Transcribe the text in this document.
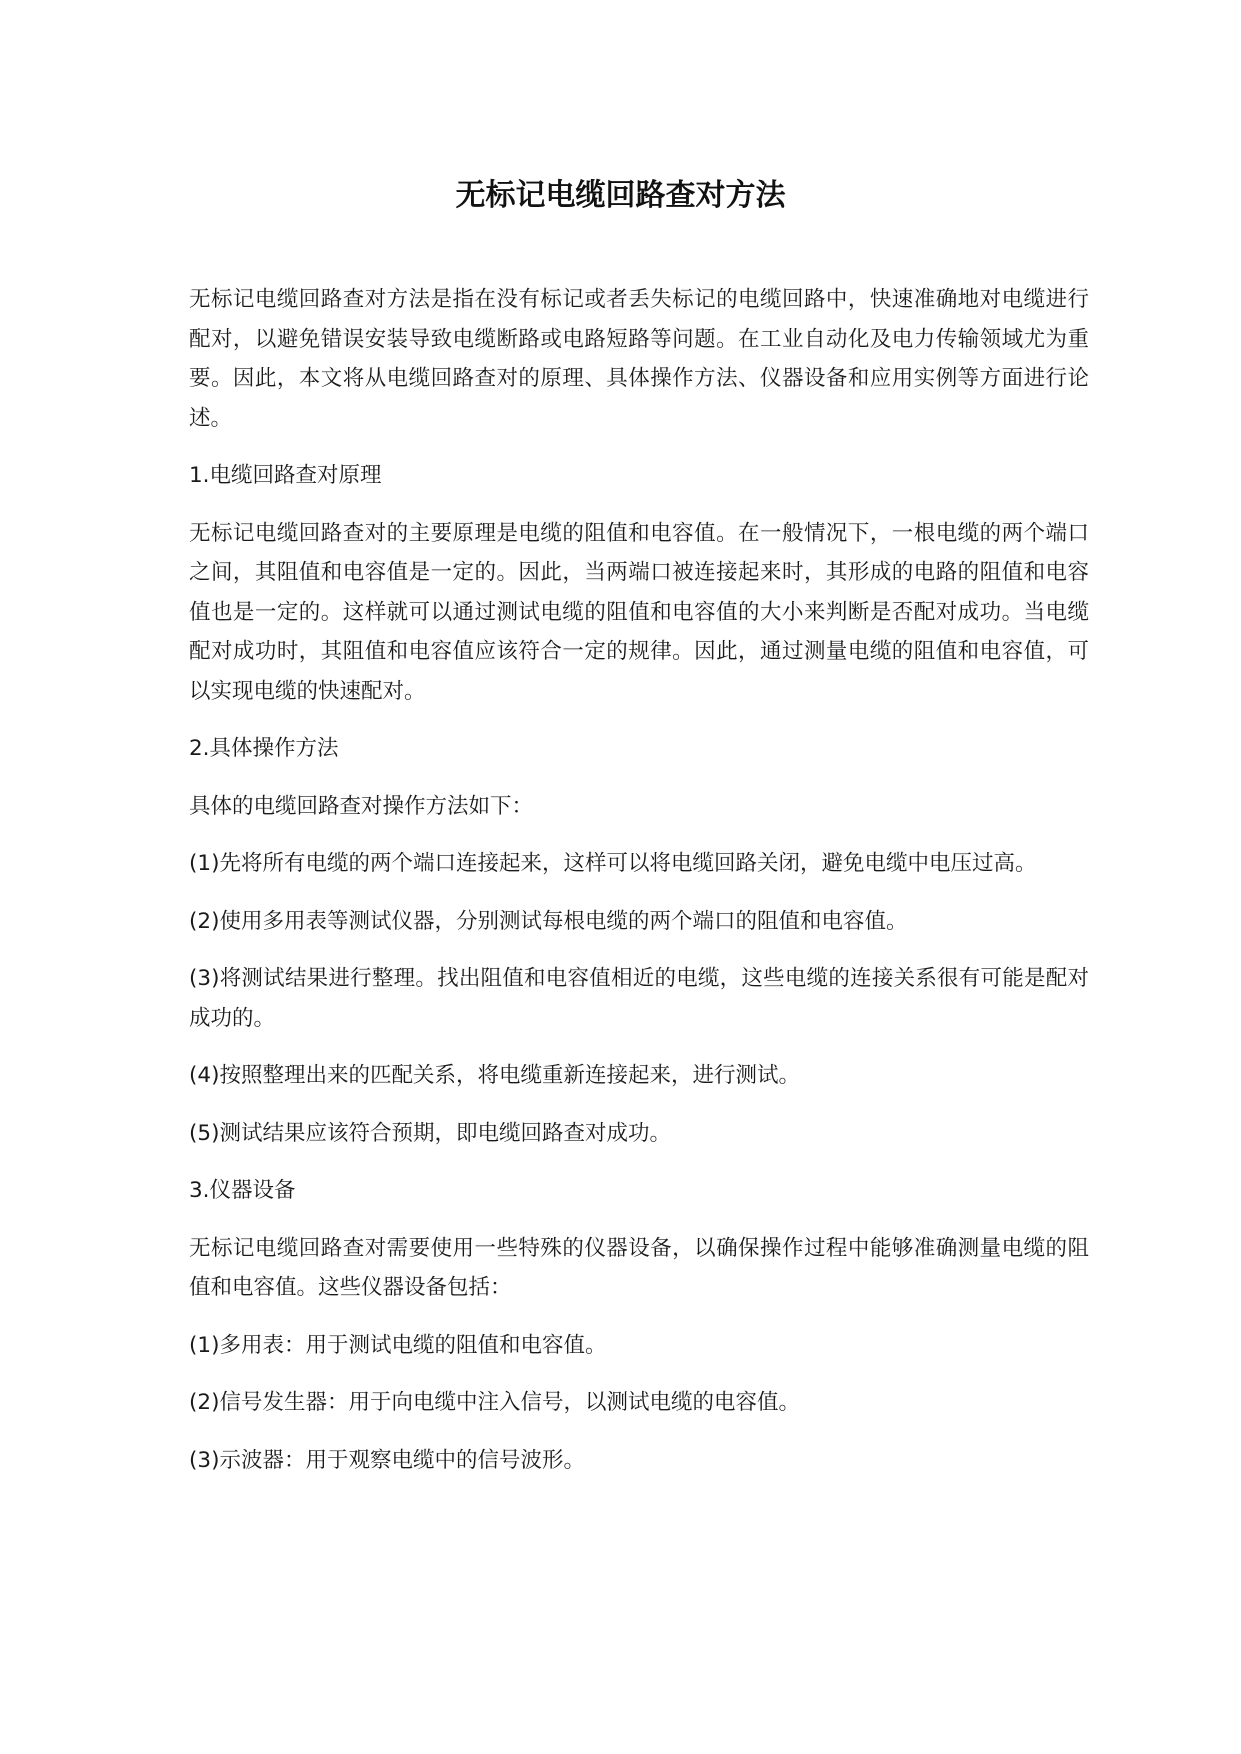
无标记电缆回路查对方法

无标记电缆回路查对方法是指在没有标记或者丢失标记的电缆回路中，快速准确地对电缆进行配对，以避免错误安装导致电缆断路或电路短路等问题。在工业自动化及电力传输领域尤为重要。因此，本文将从电缆回路查对的原理、具体操作方法、仪器设备和应用实例等方面进行论述。

1.电缆回路查对原理

无标记电缆回路查对的主要原理是电缆的阻值和电容值。在一般情况下，一根电缆的两个端口之间，其阻值和电容值是一定的。因此，当两端口被连接起来时，其形成的电路的阻值和电容值也是一定的。这样就可以通过测试电缆的阻值和电容值的大小来判断是否配对成功。当电缆配对成功时，其阻值和电容值应该符合一定的规律。因此，通过测量电缆的阻值和电容值，可以实现电缆的快速配对。

2.具体操作方法

具体的电缆回路查对操作方法如下：

(1)先将所有电缆的两个端口连接起来，这样可以将电缆回路关闭，避免电缆中电压过高。

(2)使用多用表等测试仪器，分别测试每根电缆的两个端口的阻值和电容值。

(3)将测试结果进行整理。找出阻值和电容值相近的电缆，这些电缆的连接关系很有可能是配对成功的。

(4)按照整理出来的匹配关系，将电缆重新连接起来，进行测试。

(5)测试结果应该符合预期，即电缆回路查对成功。

3.仪器设备

无标记电缆回路查对需要使用一些特殊的仪器设备，以确保操作过程中能够准确测量电缆的阻值和电容值。这些仪器设备包括：

(1)多用表：用于测试电缆的阻值和电容值。

(2)信号发生器：用于向电缆中注入信号，以测试电缆的电容值。

(3)示波器：用于观察电缆中的信号波形。
